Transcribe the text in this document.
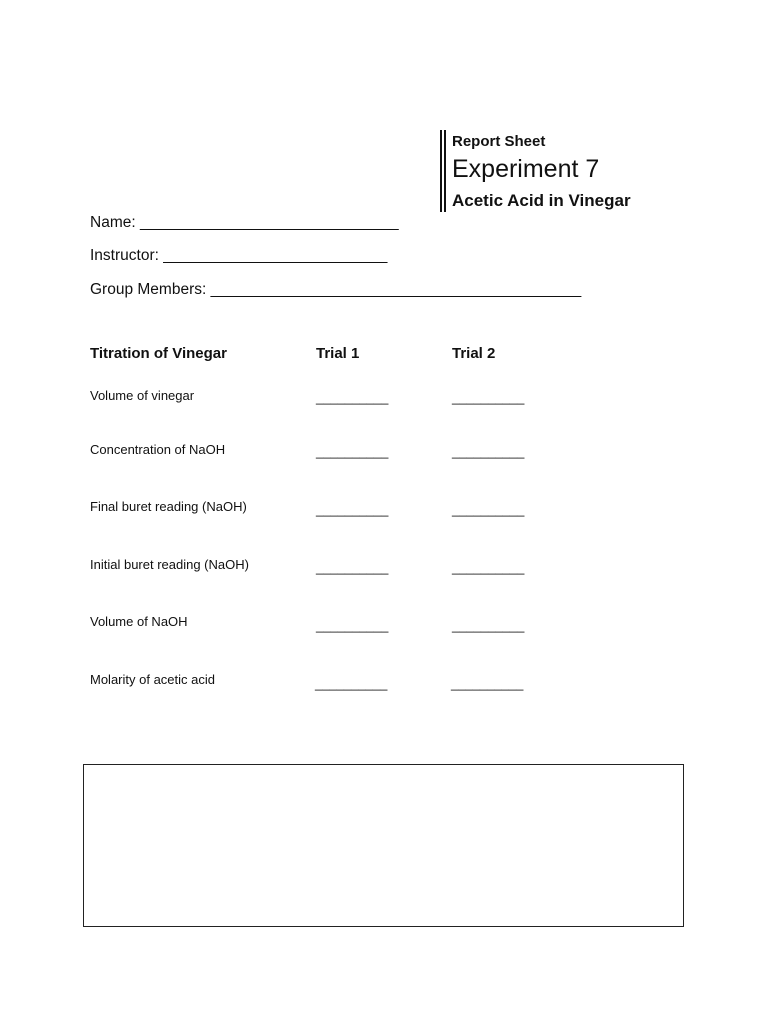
Report Sheet
Experiment 7
Acetic Acid in Vinegar
Name: ______________________________
Instructor: __________________________
Group Members: ___________________________________________
Titration of Vinegar	Trial 1	Trial 2
Volume of vinegar	__________	__________
Concentration of NaOH	__________	__________
Final buret reading (NaOH)	__________	__________
Initial buret reading (NaOH)	__________	__________
Volume of NaOH	__________	__________
Molarity of acetic acid	__________	__________
